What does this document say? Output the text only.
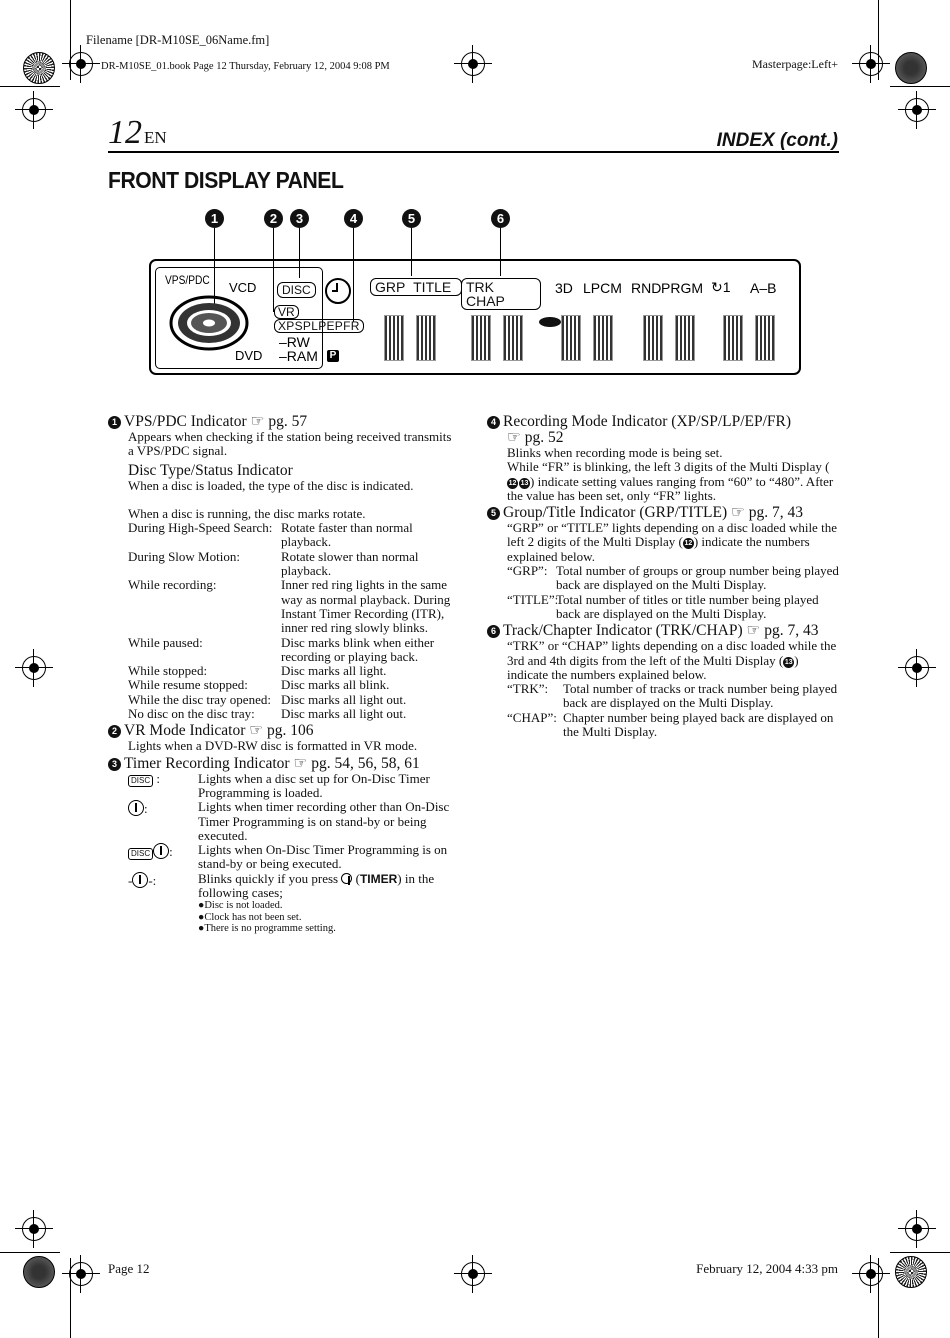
Filename [DR-M10SE_06Name.fm]
DR-M10SE_01.book Page 12 Thursday, February 12, 2004 9:08 PM	Masterpage:Left+
12 EN	INDEX (cont.)
FRONT DISPLAY PANEL
1	2	3	4	5	6
VPS/PDC VCD
DVD
DISC
VR
XPSPLPEPFR
–RW
–RAM P
GRP TITLE	TRK CHAP
3D LPCM RND PRGM ↻1 A–B
1 VPS/PDC Indicator ☞ pg. 57
Appears when checking if the station being received transmits a VPS/PDC signal.
Disc Type/Status Indicator
When a disc is loaded, the type of the disc is indicated.
When a disc is running, the disc marks rotate.
During High-Speed Search: Rotate faster than normal playback.
During Slow Motion:	Rotate slower than normal playback.
While recording:	Inner red ring lights in the same way as normal playback. During Instant Timer Recording (ITR), inner red ring slowly blinks.
While paused:	Disc marks blink when either recording or playing back.
While stopped:	Disc marks all light.
While resume stopped:	Disc marks all blink.
While the disc tray opened: Disc marks all light out.
No disc on the disc tray:	Disc marks all light out.
2 VR Mode Indicator ☞ pg. 106
Lights when a DVD-RW disc is formatted in VR mode.
3 Timer Recording Indicator ☞ pg. 54, 56, 58, 61
DISC :	Lights when a disc set up for On-Disc Timer Programming is loaded.
:	Lights when timer recording other than On-Disc Timer Programming is on stand-by or being executed.
DISC :	Lights when On-Disc Timer Programming is on stand-by or being executed.
- -:	Blinks quickly if you press  (TIMER) in the following cases;
●Disc is not loaded.
●Clock has not been set.
●There is no programme setting.
4 Recording Mode Indicator (XP/SP/LP/EP/FR)
☞ pg. 52
Blinks when recording mode is being set.
While “FR” is blinking, the left 3 digits of the Multi Display (12 13 ) indicate setting values ranging from “60” to “480”. After the value has been set, only “FR” lights.
5 Group/Title Indicator (GRP/TITLE) ☞ pg. 7, 43
“GRP” or “TITLE” lights depending on a disc loaded while the left 2 digits of the Multi Display ( 12 ) indicate the numbers explained below.
“GRP”: Total number of groups or group number being played back are displayed on the Multi Display.
“TITLE”:
Total number of titles or title number being played back are displayed on the Multi Display.
6 Track/Chapter Indicator (TRK/CHAP) ☞ pg. 7, 43
“TRK” or “CHAP” lights depending on a disc loaded while the 3rd and 4th digits from the left of the Multi Display ( 13 ) indicate the numbers explained below.
“TRK”:	Total number of tracks or track number being played back are displayed on the Multi Display.
“CHAP”: Chapter number being played back are displayed on the Multi Display.
Page 12	February 12, 2004 4:33 pm
